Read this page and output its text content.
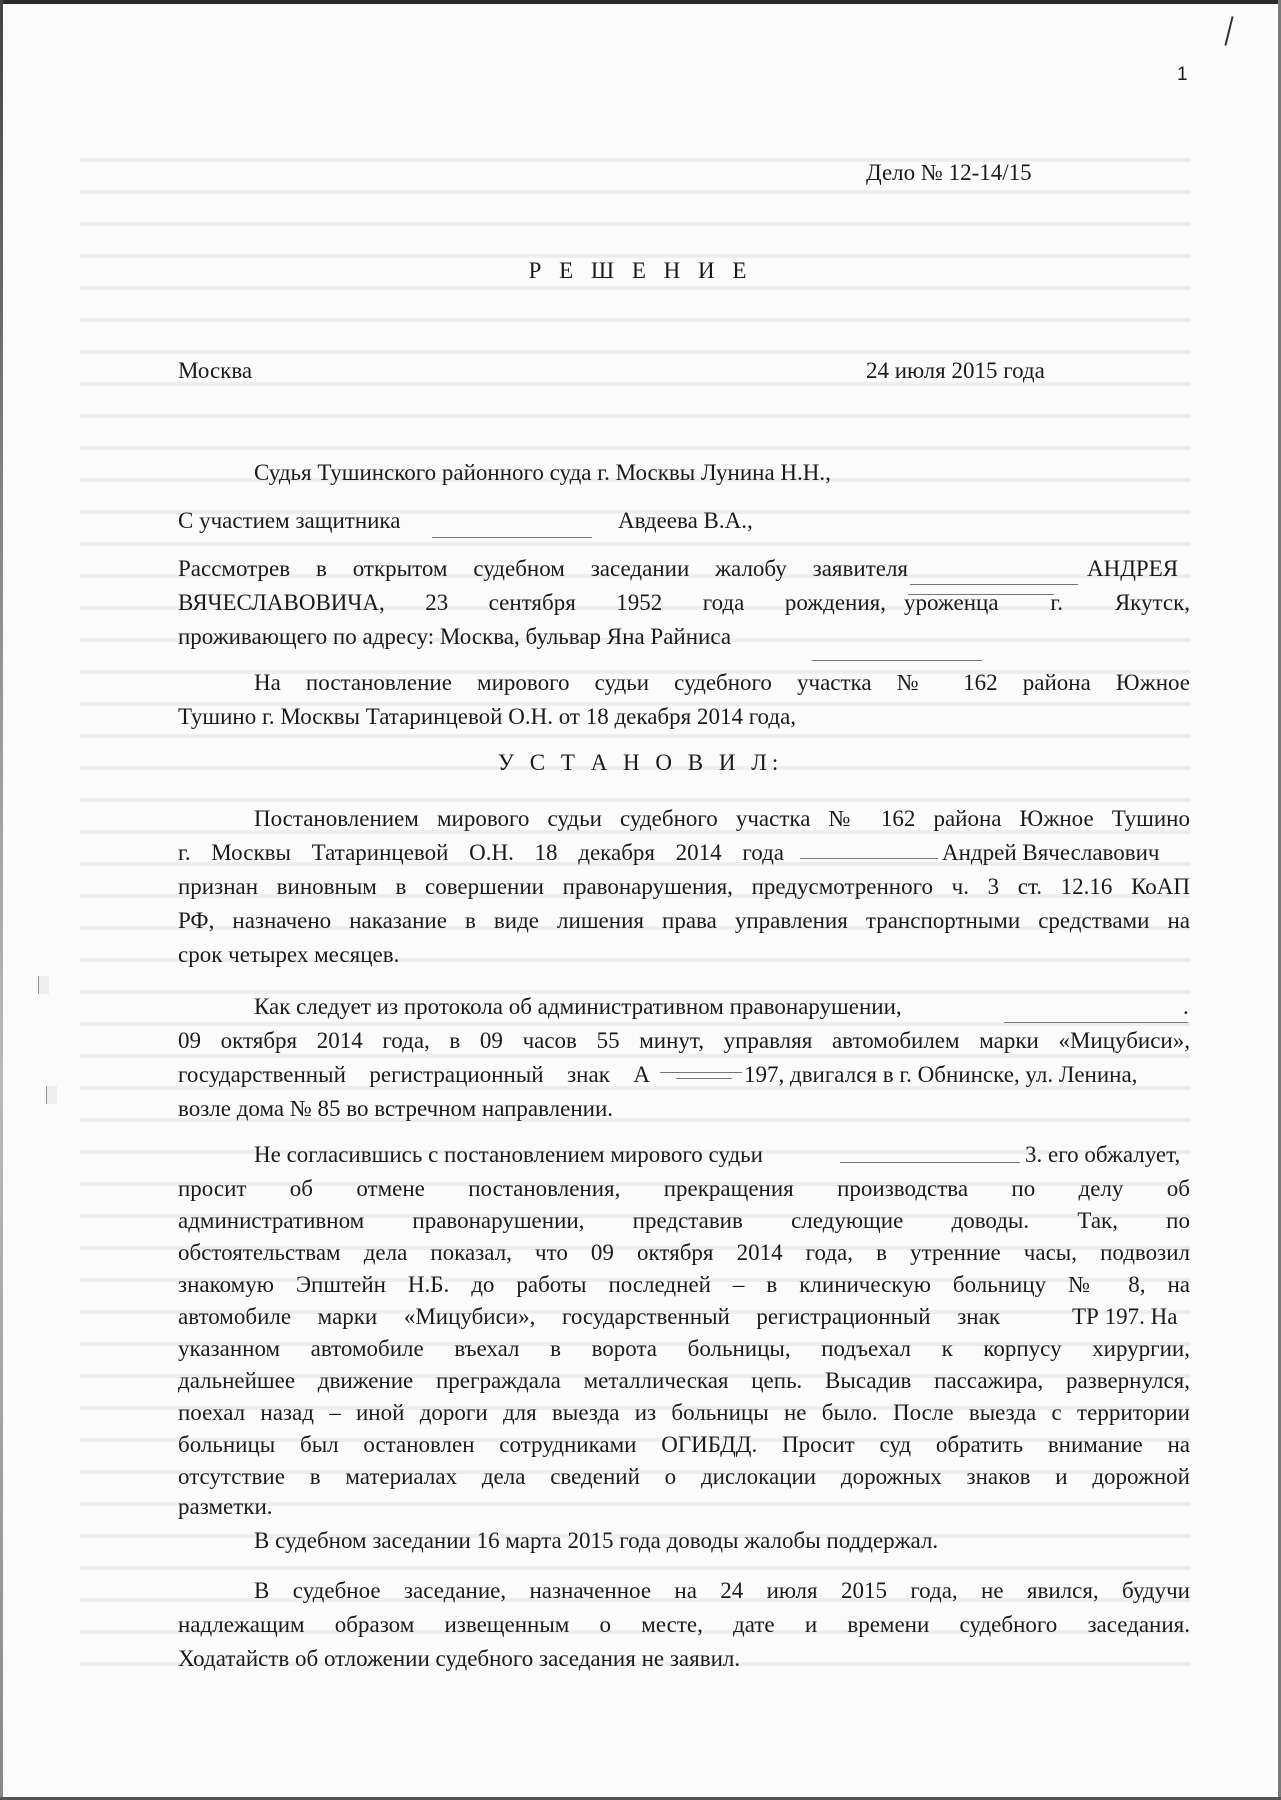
1
Дело № 12-14/15
Р Е Ш Е Н И Е
Москва	24 июля 2015 года
Судья Тушинского районного суда г. Москвы Лунина Н.Н.,
С участием защитника	Авдеева В.А.,
Рассмотрев в открытом судебном заседании жалобу заявителя	АНДРЕЯ
ВЯЧЕСЛАВОВИЧА, 23 сентября 1952 года рождения, уроженца г. Якутск,
проживающего по адресу: Москва, бульвар Яна Райниса
На постановление мирового судьи судебного участка № 162 района Южное
Тушино г. Москвы Татаринцевой О.Н. от 18 декабря 2014 года,
У С Т А Н О В И Л:
Постановлением мирового судьи судебного участка № 162 района Южное Тушино
г. Москвы Татаринцевой О.Н. 18 декабря 2014 года	Андрей Вячеславович
признан виновным в совершении правонарушения, предусмотренного ч. 3 ст. 12.16 КоАП
РФ, назначено наказание в виде лишения права управления транспортными средствами на
срок четырех месяцев.
Как следует из протокола об административном правонарушении,	.
09 октября 2014 года, в 09 часов 55 минут, управляя автомобилем марки «Мицубиси»,
государственный регистрационный знак А	197, двигался в г. Обнинске, ул. Ленина,
возле дома № 85 во встречном направлении.
Не согласившись с постановлением мирового судьи	3. его обжалует,
просит об отмене постановления, прекращения производства по делу об
административном правонарушении, представив следующие доводы. Так, по
обстоятельствам дела показал, что 09 октября 2014 года, в утренние часы, подвозил
знакомую Эпштейн Н.Б. до работы последней – в клиническую больницу № 8, на
автомобиле марки «Мицубиси», государственный регистрационный знак	ТР 197. На
указанном автомобиле въехал в ворота больницы, подъехал к корпусу хирургии,
дальнейшее движение преграждала металлическая цепь. Высадив пассажира, развернулся,
поехал назад – иной дороги для выезда из больницы не было. После выезда с территории
больницы был остановлен сотрудниками ОГИБДД. Просит суд обратить внимание на
отсутствие в материалах дела сведений о дислокации дорожных знаков и дорожной
разметки.
В судебном заседании 16 марта 2015 года доводы жалобы поддержал.
В судебное заседание, назначенное на 24 июля 2015 года, не явился, будучи
надлежащим образом извещенным о месте, дате и времени судебного заседания.
Ходатайств об отложении судебного заседания не заявил.
